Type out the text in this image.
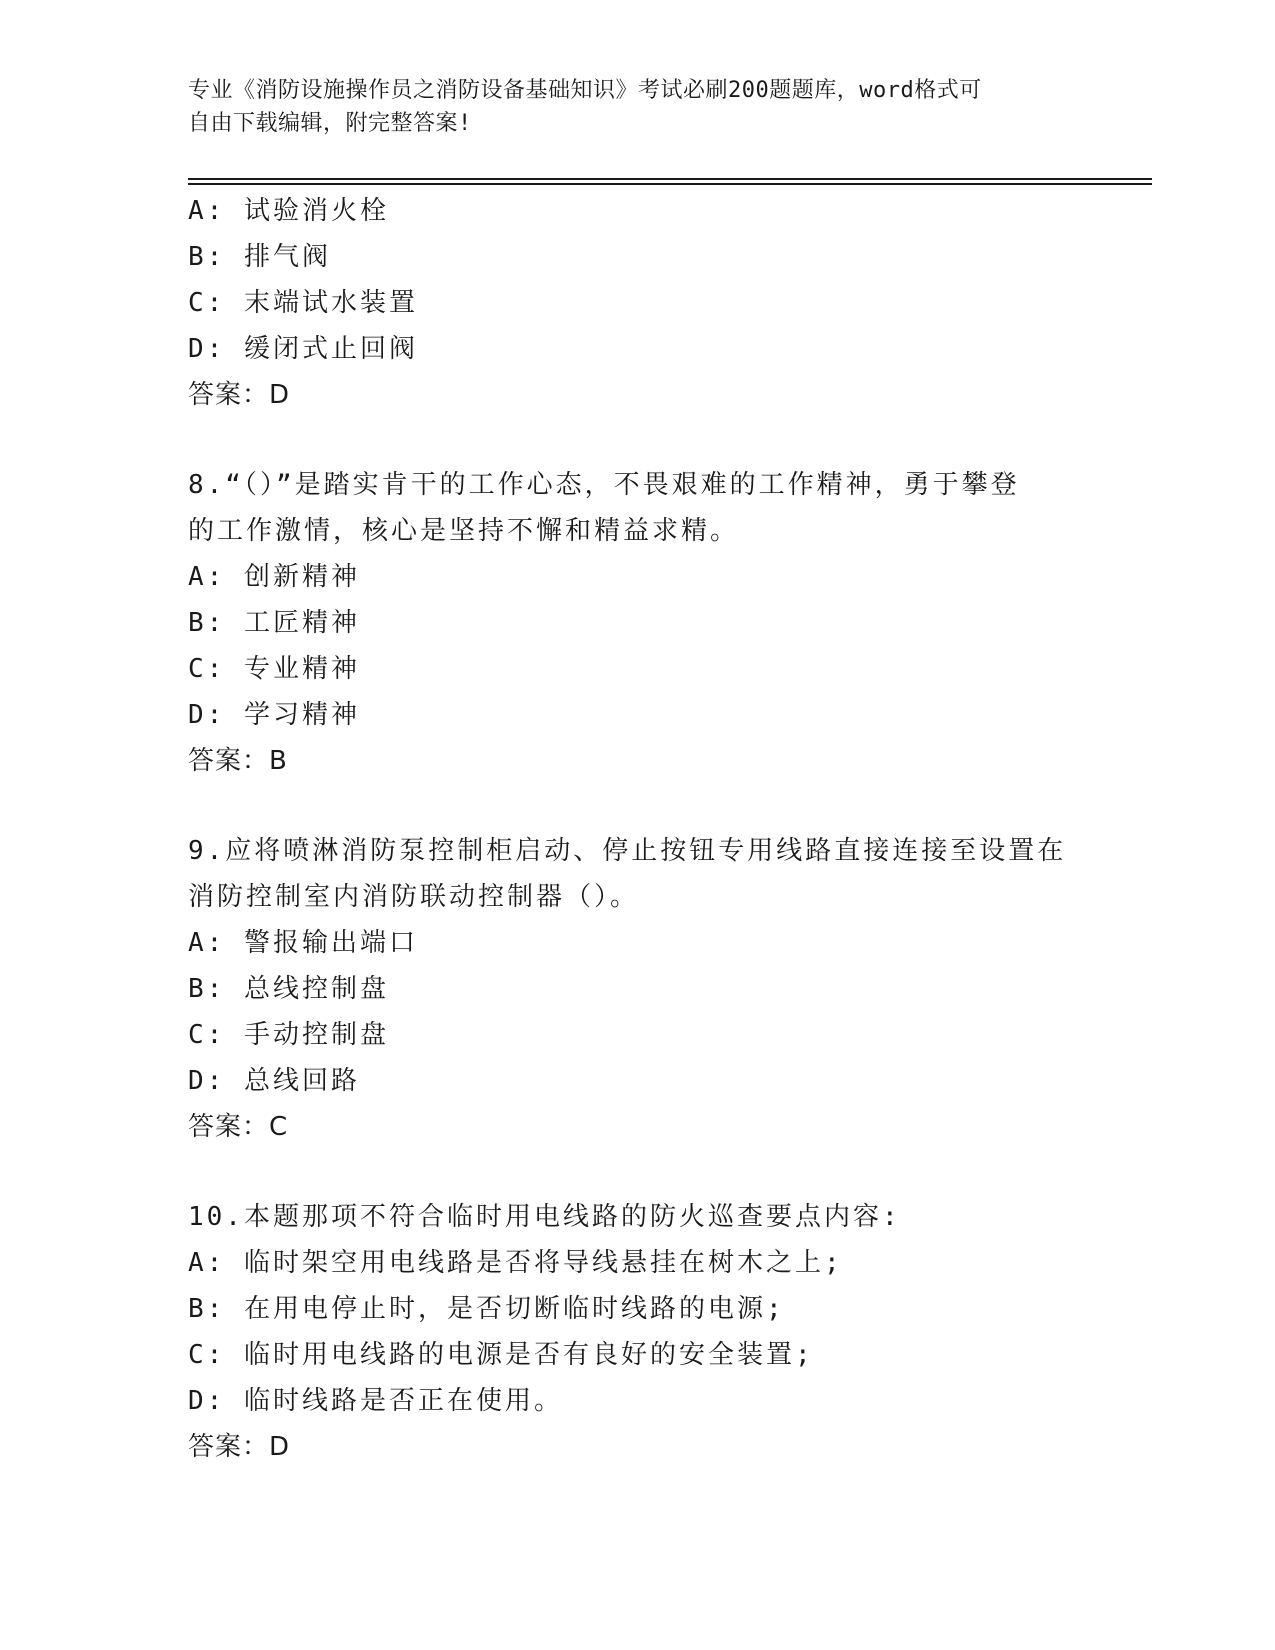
专业《消防设施操作员之消防设备基础知识》考试必刷200题题库，word格式可
自由下载编辑，附完整答案!
A: 试验消火栓
B: 排气阀
C: 末端试水装置
D: 缓闭式止回阀
答案：D
8.“（）”是踏实肯干的工作心态，不畏艰难的工作精神，勇于攀登
的工作激情，核心是坚持不懈和精益求精。
A: 创新精神
B: 工匠精神
C: 专业精神
D: 学习精神
答案：B
9.应将喷淋消防泵控制柜启动、停止按钮专用线路直接连接至设置在
消防控制室内消防联动控制器（）。
A: 警报输出端口
B: 总线控制盘
C: 手动控制盘
D: 总线回路
答案：C
10.本题那项不符合临时用电线路的防火巡查要点内容:
A: 临时架空用电线路是否将导线悬挂在树木之上;
B: 在用电停止时，是否切断临时线路的电源;
C: 临时用电线路的电源是否有良好的安全装置;
D: 临时线路是否正在使用。
答案：D
